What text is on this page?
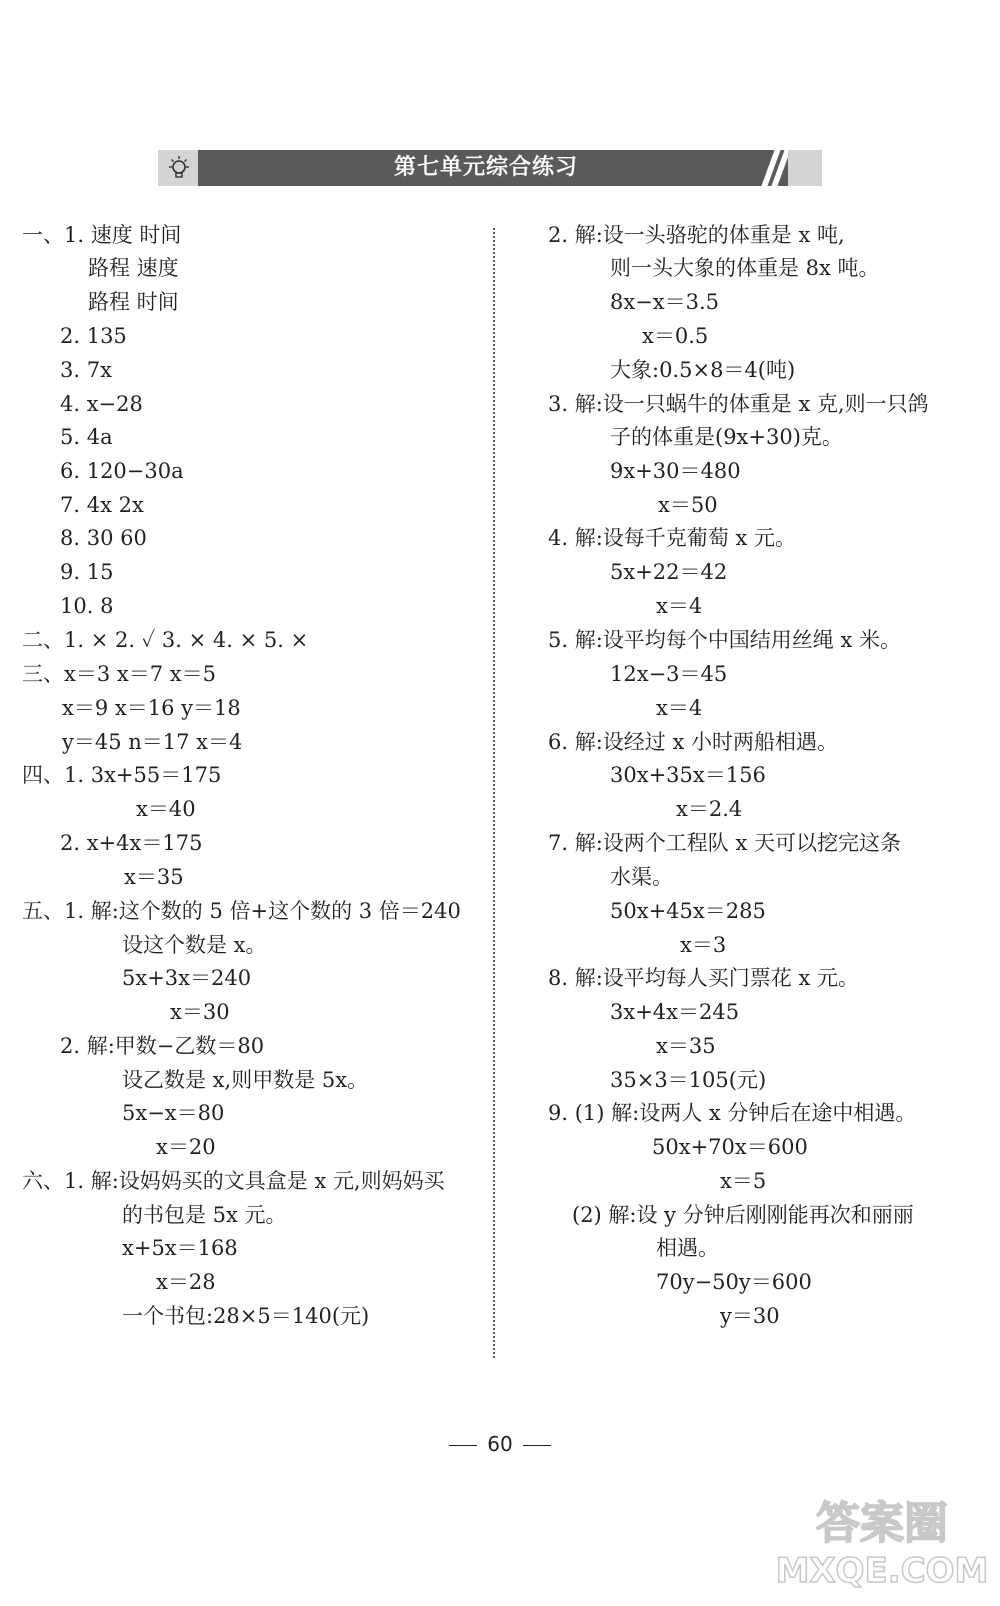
第七单元综合练习
一、1. 速度 时间
路程 速度
路程 时间
2. 135
3. 7x
4. x−28
5. 4a
6. 120−30a
7. 4x 2x
8. 30 60
9. 15
10. 8
二、1. × 2. ✓ 3. × 4. × 5. ×
三、x＝3 x＝7 x＝5
x＝9 x＝16 y＝18
y＝45 n＝17 x＝4
四、1. 3x+55＝175
x＝40
2. x+4x＝175
x＝35
五、1. 解:这个数的 5 倍+这个数的 3 倍＝240
设这个数是 x。
5x+3x＝240
x＝30
2. 解:甲数−乙数＝80
设乙数是 x,则甲数是 5x。
5x−x＝80
x＝20
六、1. 解:设妈妈买的文具盒是 x 元,则妈妈买
的书包是 5x 元。
x+5x＝168
x＝28
一个书包:28×5＝140(元)
2. 解:设一头骆驼的体重是 x 吨,
则一头大象的体重是 8x 吨。
8x−x＝3.5
x＝0.5
大象:0.5×8＝4(吨)
3. 解:设一只蜗牛的体重是 x 克,则一只鸽
子的体重是(9x+30)克。
9x+30＝480
x＝50
4. 解:设每千克葡萄 x 元。
5x+22＝42
x＝4
5. 解:设平均每个中国结用丝绳 x 米。
12x−3＝45
x＝4
6. 解:设经过 x 小时两船相遇。
30x+35x＝156
x＝2.4
7. 解:设两个工程队 x 天可以挖完这条
水渠。
50x+45x＝285
x＝3
8. 解:设平均每人买门票花 x 元。
3x+4x＝245
x＝35
35×3＝105(元)
9. (1) 解:设两人 x 分钟后在途中相遇。
50x+70x＝600
x＝5
(2) 解:设 y 分钟后刚刚能再次和丽丽
相遇。
70y−50y＝600
y＝30
60
答案圈
MXQE.COM
